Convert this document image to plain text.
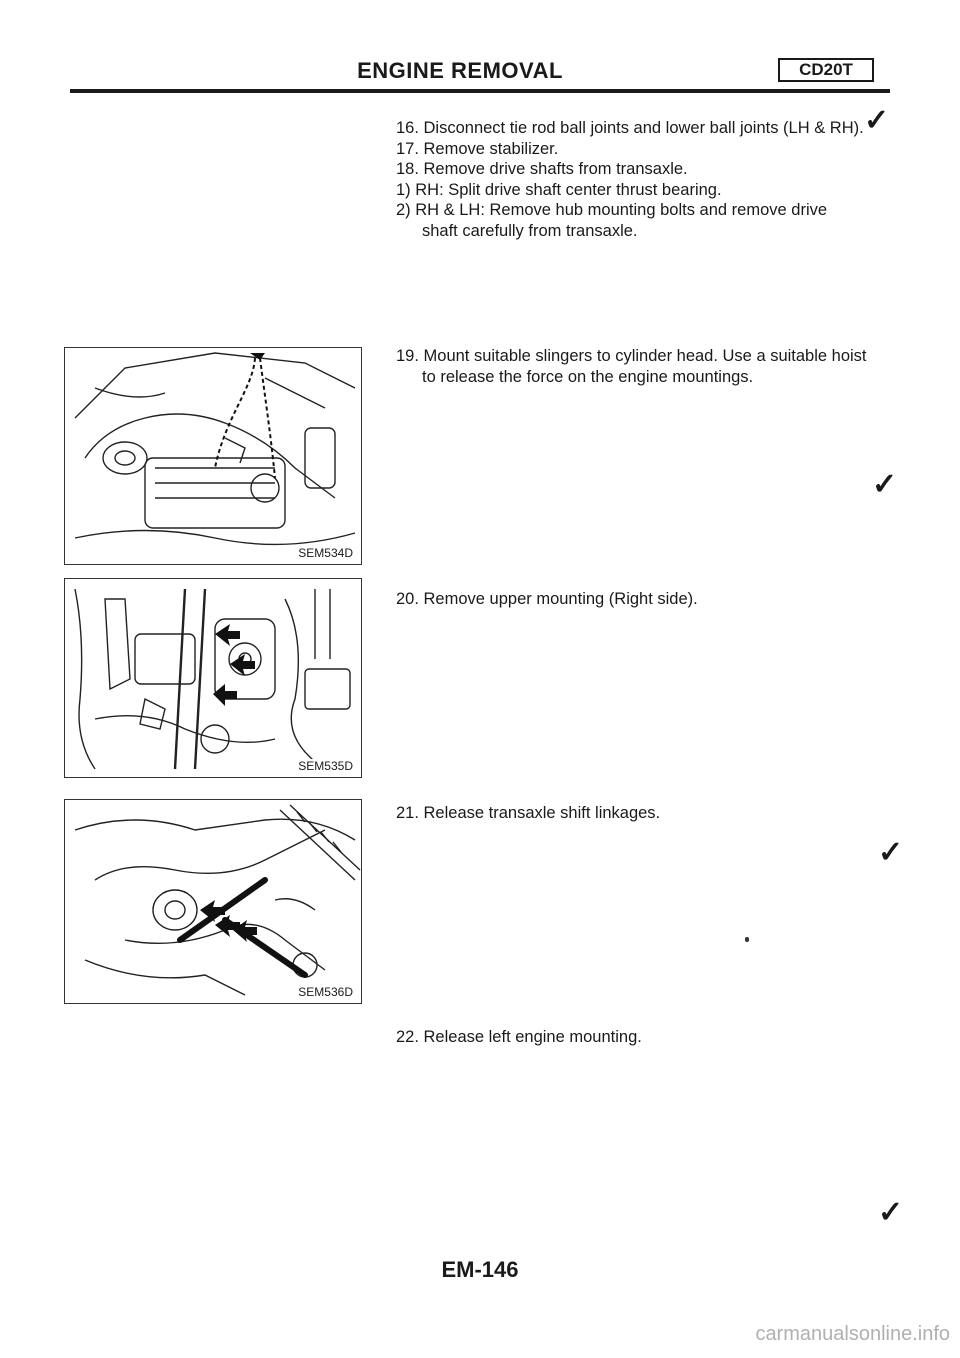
ENGINE REMOVAL	CD20T
16. Disconnect tie rod ball joints and lower ball joints (LH & RH).
17. Remove stabilizer.
18. Remove drive shafts from transaxle.
1) RH: Split drive shaft center thrust bearing.
2) RH & LH: Remove hub mounting bolts and remove drive
shaft carefully from transaxle.
✓
19. Mount suitable slingers to cylinder head. Use a suitable hoist
to release the force on the engine mountings.
✓
20. Remove upper mounting (Right side).
21. Release transaxle shift linkages.
✓
22. Release left engine mounting.
✓
SEM534D
SEM535D
SEM536D
EM-146
carmanualsonline.info
